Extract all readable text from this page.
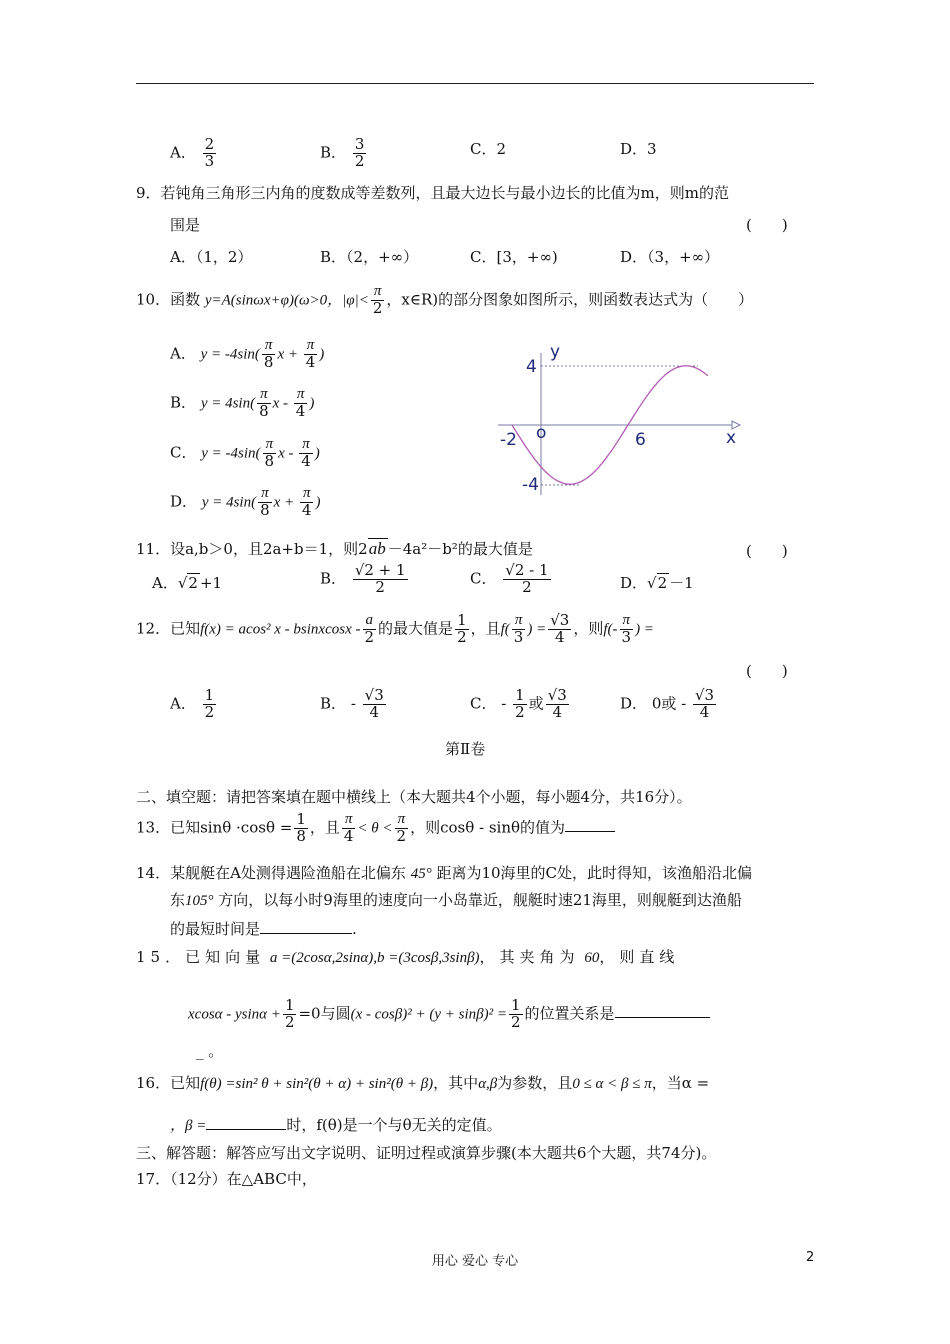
A． $\frac{2}{3}$	B． $\frac{3}{2}$	C．2	D．3
9．若钝角三角形三内角的度数成等差数列，且最大边长与最小边长的比值为m，则m的范
围是	(　　)
A．（1，2）	B．（2，+∞）	C．[3，+∞)	D．（3，+∞）
10．函数 y=A(sinωx+φ)(ω>0，$|\varphi|< \frac{\pi}{2}$ ，x∈R)的部分图象如图所示，则函数表达式为（　　）
A． $y = -4\sin( \frac{\pi}{8}$ $x + \frac{\pi}{4}$ )
B． $y = 4\sin( \frac{\pi}{8}$ x - $\frac{\pi}{4}$ )
C． $y = -4\sin( \frac{\pi}{8}$ x - $\frac{\pi}{4}$ )
D． $y = 4\sin( \frac{\pi}{8}$ $x + \frac{\pi}{4}$ )
y
4
o
-2	6	x
-4
11．设a,b＞0，且2a+b＝1，则2ab －4a²－b²的最大值是	(　　)
A．√2 +1	B． $\frac{√2 + 1}{2}$	C． $\frac{√2 - 1}{2}$	D．√2 －1
12．已知f(x) = acos² x - bsinxcosx - $\frac{a}{2}$ 的最大值是 $\frac{1}{2}$ ，且$f( \frac{\pi}{3}$ ) = $\frac{√3}{4}$ ，则$f(- \frac{\pi}{3}$ ) =
(　　)
A． $\frac{1}{2}$	B． - $\frac{√3}{4}$	C． - $\frac{1}{2}$ 或 $\frac{√3}{4}$	D． 0或 - $\frac{√3}{4}$
第Ⅱ卷
二、填空题：请把答案填在题中横线上（本大题共4个小题，每小题4分，共16分）。
13．已知$\sin\theta \cdot\cos\theta = \frac{1}{8}$ ，且 $\frac{\pi}{4} < \theta < \frac{\pi}{2}$ ，则cosθ - sinθ的值为
14．某舰艇在A处测得遇险渔船在北偏东 45° 距离为10海里的C处，此时得知，该渔船沿北偏
东105° 方向，以每小时9海里的速度向一小岛靠近，舰艇时速21海里，则舰艇到达渔船
的最短时间是	.
15．已知向量 a =(2cosα,2sinα),b =(3cosβ,3sinβ)，其夹角为 60，则直线
$xcos\alpha - ysin\alpha + \frac{1}{2} =0$与圆$(x - \cos\beta)^2 + (y + \sin\beta)^2 = \frac{1}{2}$ 的位置关系是
_ 。
16．已知f(θ) =sin² θ + sin²(θ + α) + sin²(θ + β)，其中α,β为参数，且0 ≤ α < β ≤ π，当α =
，β =	时，f(θ)是一个与θ无关的定值。
三、解答题：解答应写出文字说明、证明过程或演算步骤(本大题共6个大题，共74分)。
17．（12分）在△ABC中，
用心 爱心 专心	2
